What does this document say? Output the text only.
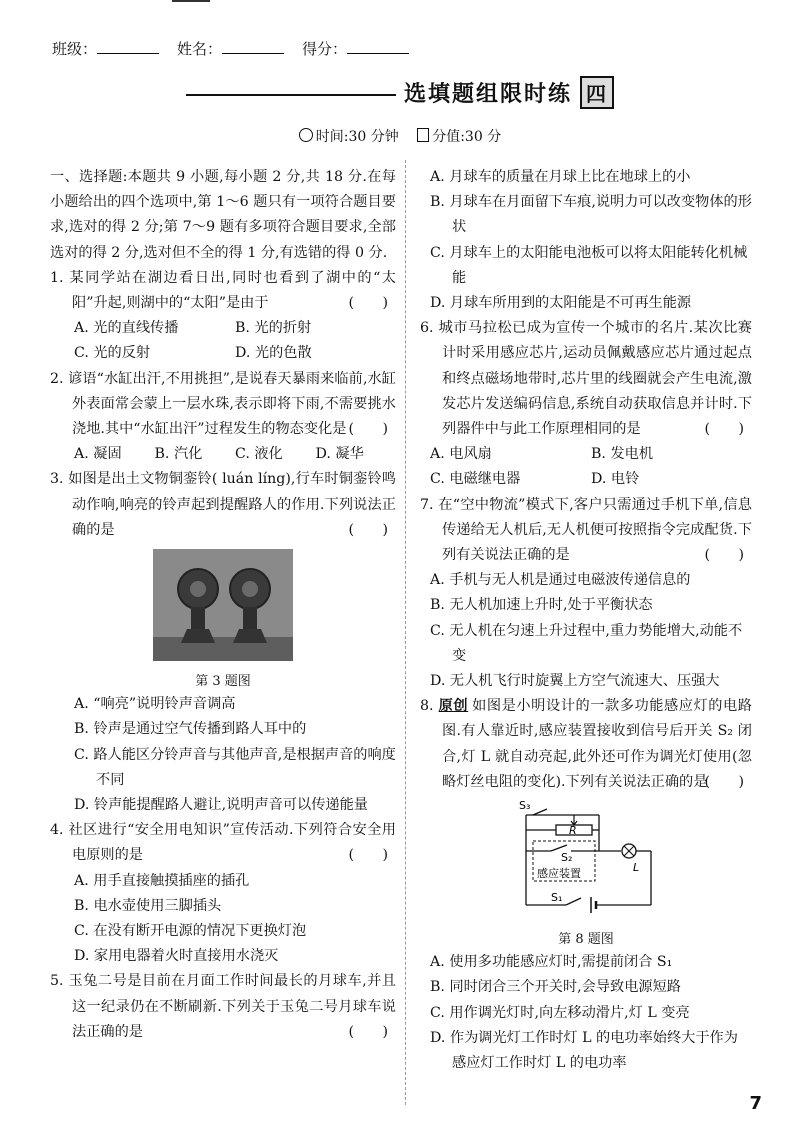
班级：	姓名：	得分：
选填题组限时练 四
时间:30 分钟 分值:30 分
一、选择题:本题共 9 小题,每小题 2 分,共 18 分.在每小题给出的四个选项中,第 1～6 题只有一项符合题目要求,选对的得 2 分;第 7～9 题有多项符合题目要求,全部选对的得 2 分,选对但不全的得 1 分,有选错的得 0 分.
1. 某同学站在湖边看日出,同时也看到了湖中的“太阳”升起,则湖中的“太阳”是由于	(　　)
A. 光的直线传播	B. 光的折射
C. 光的反射	D. 光的色散
2. 谚语“水缸出汗,不用挑担”,是说春天暴雨来临前,水缸外表面常会蒙上一层水珠,表示即将下雨,不需要挑水浇地.其中“水缸出汗”过程发生的物态变化是 (　　)
A. 凝固	B. 汽化	C. 液化	D. 凝华
3. 如图是出土文物铜銮铃( luán líng),行车时铜銮铃鸣动作响,响亮的铃声起到提醒路人的作用.下列说法正确的是	(　　)
第 3 题图
A. “响亮”说明铃声音调高
B. 铃声是通过空气传播到路人耳中的
C. 路人能区分铃声音与其他声音,是根据声音的响度不同
D. 铃声能提醒路人避让,说明声音可以传递能量
4. 社区进行“安全用电知识”宣传活动.下列符合安全用电原则的是	(　　)
A. 用手直接触摸插座的插孔
B. 电水壶使用三脚插头
C. 在没有断开电源的情况下更换灯泡
D. 家用电器着火时直接用水浇灭
5. 玉兔二号是目前在月面工作时间最长的月球车,并且这一纪录仍在不断刷新.下列关于玉兔二号月球车说法正确的是	(　　)
A. 月球车的质量在月球上比在地球上的小
B. 月球车在月面留下车痕,说明力可以改变物体的形状
C. 月球车上的太阳能电池板可以将太阳能转化机械能
D. 月球车所用到的太阳能是不可再生能源
6. 城市马拉松已成为宣传一个城市的名片.某次比赛计时采用感应芯片,运动员佩戴感应芯片通过起点和终点磁场地带时,芯片里的线圈就会产生电流,激发芯片发送编码信息,系统自动获取信息并计时.下列器件中与此工作原理相同的是	(　　)
A. 电风扇	B. 发电机
C. 电磁继电器	D. 电铃
7. 在“空中物流”模式下,客户只需通过手机下单,信息传递给无人机后,无人机便可按照指令完成配货.下列有关说法正确的是	(　　)
A. 手机与无人机是通过电磁波传递信息的
B. 无人机加速上升时,处于平衡状态
C. 无人机在匀速上升过程中,重力势能增大,动能不变
D. 无人机飞行时旋翼上方空气流速大、压强大
8. 原创 如图是小明设计的一款多功能感应灯的电路图.有人靠近时,感应装置接收到信号后开关 S₂ 闭合,灯 L 就自动亮起,此外还可作为调光灯使用(忽略灯丝电阻的变化).下列有关说法正确的是
(　　)
S₃
R
S₂
感应装置	L
S₁
第 8 题图
A. 使用多功能感应灯时,需提前闭合 S₁
B. 同时闭合三个开关时,会导致电源短路
C. 用作调光灯时,向左移动滑片,灯 L 变亮
D. 作为调光灯工作时灯 L 的电功率始终大于作为感应灯工作时灯 L 的电功率
7
